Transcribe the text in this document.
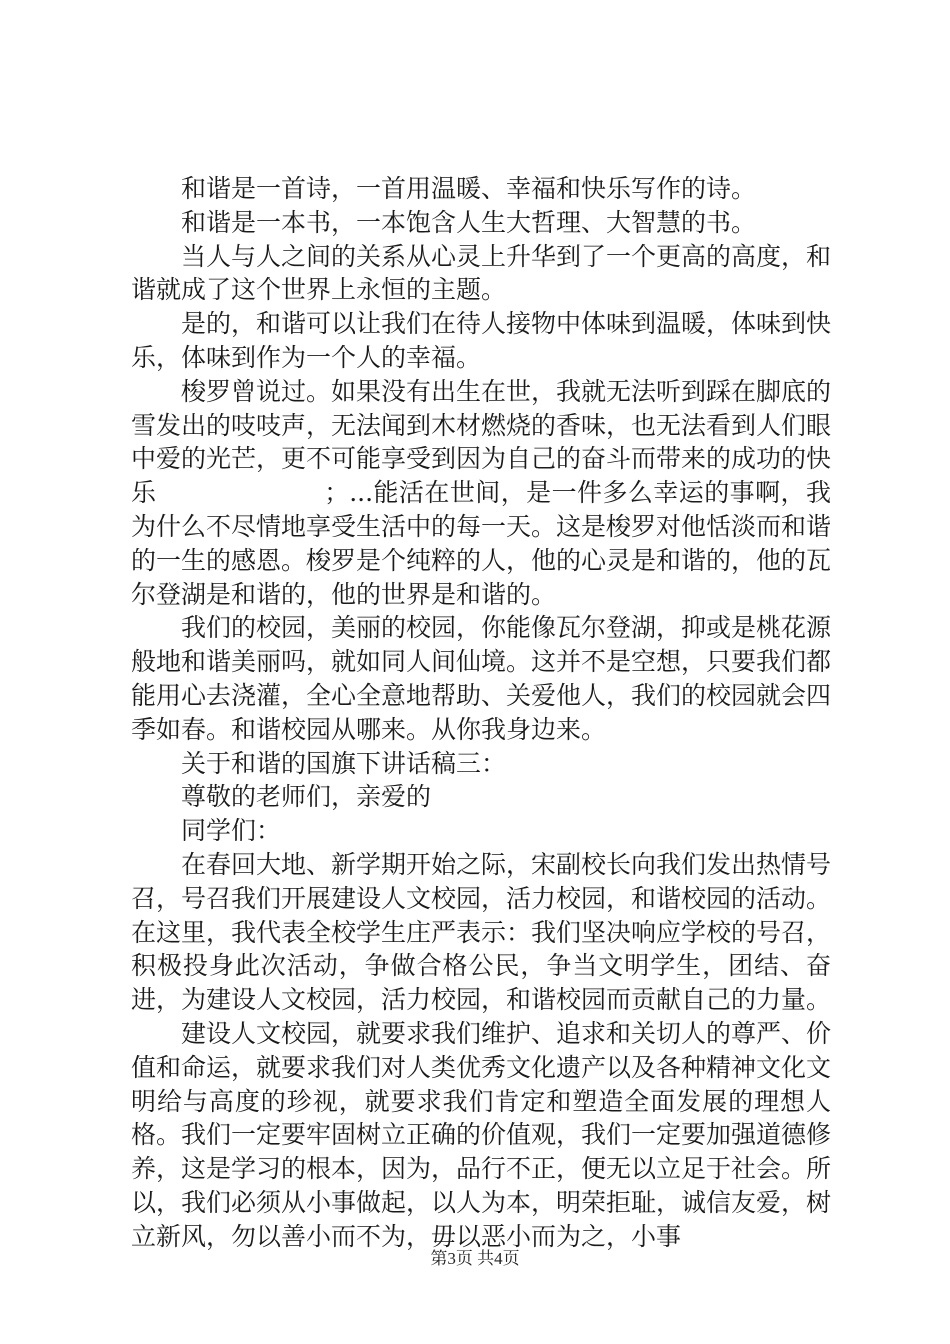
和谐是一首诗，一首用温暖、幸福和快乐写作的诗。

和谐是一本书，一本饱含人生大哲理、大智慧的书。

当人与人之间的关系从心灵上升华到了一个更高的高度，和谐就成了这个世界上永恒的主题。

是的，和谐可以让我们在待人接物中体味到温暖，体味到快乐，体味到作为一个人的幸福。

梭罗曾说过。如果没有出生在世，我就无法听到踩在脚底的雪发出的吱吱声，无法闻到木材燃烧的香味，也无法看到人们眼中爱的光芒，更不可能享受到因为自己的奋斗而带来的成功的快乐                    ；...能活在世间，是一件多么幸运的事啊，我为什么不尽情地享受生活中的每一天。这是梭罗对他恬淡而和谐的一生的感恩。梭罗是个纯粹的人，他的心灵是和谐的，他的瓦尔登湖是和谐的，他的世界是和谐的。

我们的校园，美丽的校园，你能像瓦尔登湖，抑或是桃花源般地和谐美丽吗，就如同人间仙境。这并不是空想，只要我们都能用心去浇灌，全心全意地帮助、关爱他人，我们的校园就会四季如春。和谐校园从哪来。从你我身边来。

关于和谐的国旗下讲话稿三：

尊敬的老师们，亲爱的

同学们：

在春回大地、新学期开始之际，宋副校长向我们发出热情号召，号召我们开展建设人文校园，活力校园，和谐校园的活动。在这里，我代表全校学生庄严表示：我们坚决响应学校的号召，积极投身此次活动，争做合格公民，争当文明学生，团结、奋进，为建设人文校园，活力校园，和谐校园而贡献自己的力量。

建设人文校园，就要求我们维护、追求和关切人的尊严、价值和命运，就要求我们对人类优秀文化遗产以及各种精神文化文明给与高度的珍视，就要求我们肯定和塑造全面发展的理想人格。我们一定要牢固树立正确的价值观，我们一定要加强道德修养，这是学习的根本，因为，品行不正，便无以立足于社会。所以，我们必须从小事做起，以人为本，明荣拒耻，诚信友爱，树立新风，勿以善小而不为，毋以恶小而为之，小事

第3页 共4页
